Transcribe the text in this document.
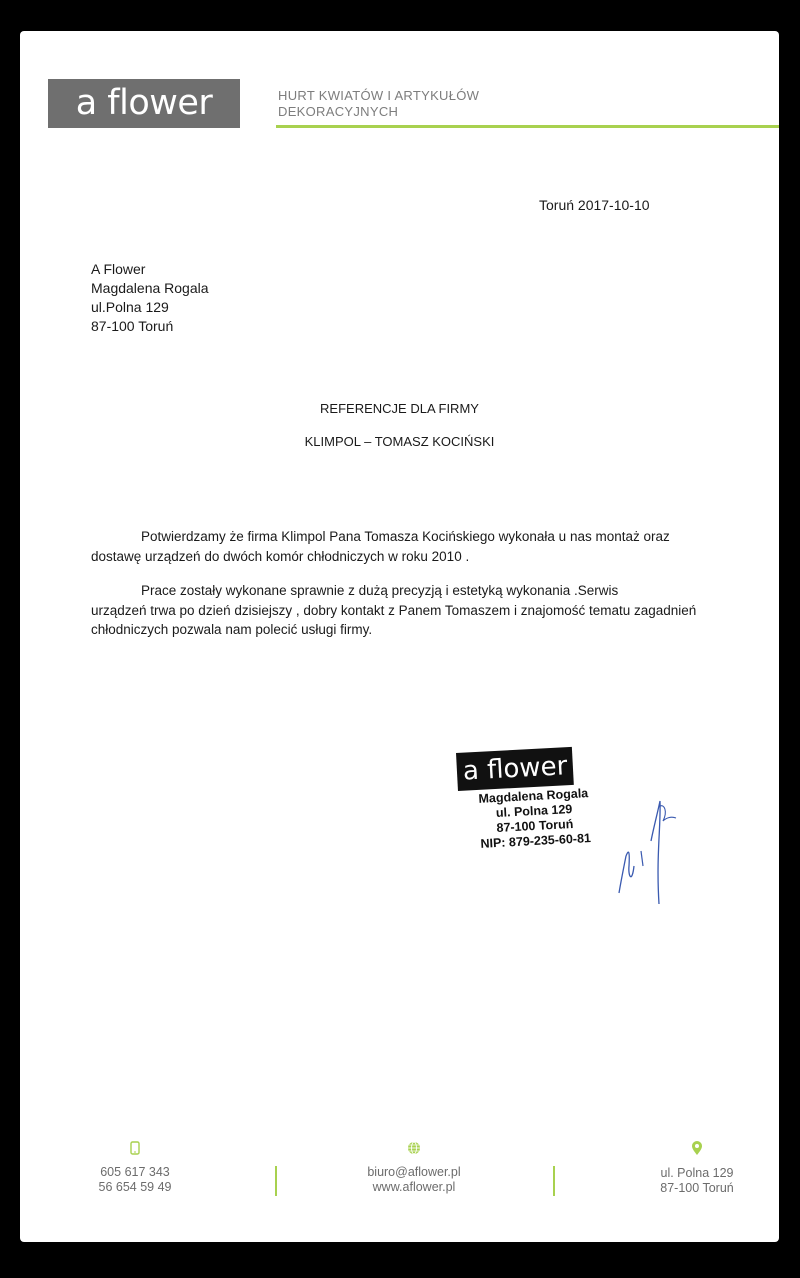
a flower	HURT KWIATÓW I ARTYKUŁÓW
DEKORACYJNYCH
Toruń 2017-10-10
A Flower
Magdalena Rogala
ul.Polna 129
87-100 Toruń
REFERENCJE DLA FIRMY
KLIMPOL – TOMASZ KOCIŃSKI
Potwierdzamy że firma Klimpol Pana Tomasza Kocińskiego wykonała u nas montaż oraz
dostawę urządzeń do dwóch komór chłodniczych w roku 2010 .
Prace zostały wykonane sprawnie z dużą precyzją i estetyką wykonania .Serwis
urządzeń trwa po dzień dzisiejszy , dobry kontakt z Panem Tomaszem i znajomość tematu zagadnień
chłodniczych pozwala nam polecić usługi firmy.
a flower
Magdalena Rogala
ul. Polna 129
87-100 Toruń
NIP: 879-235-60-81
605 617 343
56 654 59 49
biuro@aflower.pl
www.aflower.pl
ul. Polna 129
87-100 Toruń
